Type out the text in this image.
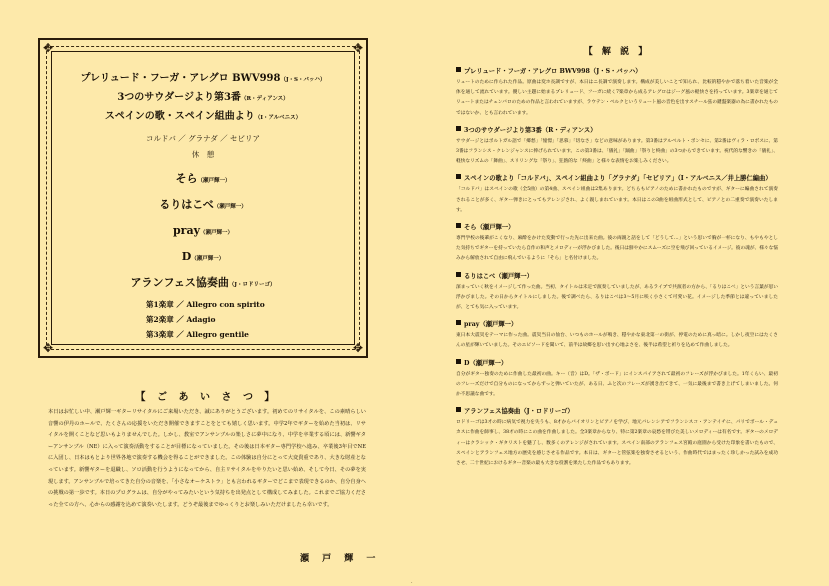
✥	✥
✥	✥
プレリュード・フーガ・アレグロ BWV998（J・S・バッハ）
3つのサウダージより第3番（R・ディアンス）
スペインの歌・スペイン組曲より（I・アルベニス）
コルドバ ／ グラナダ ／ セビリア
休　憩
そら（瀬戸輝一）
るりはこべ（瀬戸輝一）
pray（瀬戸輝一）
D（瀬戸輝一）
アランフェス協奏曲（J・ロドリーゴ）
第1楽章 ／ Allegro con spirito
第2楽章 ／ Adagio
第3楽章 ／ Allegro gentile
【 ご あ い さ つ 】
本日はお忙しい中、瀬戸輝一ギターリサイタルにご来場いただき、誠にありがとうございます。初めてのリサイタルを、この素晴らしい音響の伊丹のホールで、たくさんの応援をいただき開催できますことをとても嬉しく思います。中学2年でギターを始めた当初は、リサイタルを開くことなど思いもよりませんでした。しかし、教室でアンサンブルの楽しさに夢中になり、中学を卒業する頃には、新響ギターアンサンブル（NE）に入って演奏活動をすることが目標になっていました。その後は日本ギター専門学校へ進み、卒業後3年目でNEに入団し、日本はもとより世界各地で演奏する機会を得ることができました。この体験は自分にとって大変貴重であり、大きな財産となっています。新響ギターを退職し、ソロ活動を行うようになってから、自主リサイタルをやりたいと思い始め、そして今日、その夢を実現します。アンサンブルで培ってきた自分の音楽を、「小さなオーケストラ」とも言われるギターでどこまで表現できるのか、自分自身への挑戦の第一歩です。本日のプログラムは、自分がやってみたいという気持ちを出発点として構成してみました。これまでご協力くださった全ての方へ、心からの感謝を込めて演奏いたします。どうぞ最後までゆっくりとお楽しみいただけましたら幸いです。
瀬 戸 輝 一
【 解 説 】
プレリュード・フーガ・アレグロ BWV998（J・S・バッハ）
リュートのために作られた作品。原曲は変ホ長調ですが、本日はニ長調で演奏します。構成が美しいことで知られ、比較的穏やかで落ち着いた音楽が全体を通して流れています。優しい主題に始まるプレリュード、フーガに続く7楽章から成るアレグロはジーグ風の軽快さを持っています。3楽章を通じてリュートまたはチェンバロのための作品と言われていますが、ラウテン・ベルクというリュート風の音色を出すスチール弦の鍵盤楽器の為に書かれたものではないか、とも言われています。
3つのサウダージより第3番（R・ディアンス）
サウダージとはポルトガル語で「郷愁」「憧憬」「思慕」「切なさ」などの意味があります。第3番はアルベルト・ポンセに、第2番はヴィラ・ロボスに、第3番はフランシス・クレンジャンスに捧げられています。この第3番は、「儀礼」「踊曲」「祭りと終曲」の3つからできています。祝代的な響きの「儀礼」、軽快なリズムの「舞曲」、スリリングな「祭り」、狂熱的な「終曲」と様々な表情をお楽しみください。
スペインの歌より「コルドバ」、スペイン組曲より「グラナダ」「セビリア」（I・アルベニス／井上勝仁編曲）
「コルドバ」はスペインの歌（全5曲）の第4曲、スペイン組曲は2集あります。どちらもピアノのために書かれたものですが、ギターに編曲されて演奏されることが多く、ギター弾きにとってもアレンジされ、よく親しまれています。本日はこの3曲を組曲形式として、ピアノとの二重奏で演奏いたします。
そら（瀬戸輝一）
専門学校の後輩がこくなり、麻酔をかけた変動で行った先に出来た曲。彼の両親と話をして「どうして…」という思いで胸が一杯になり、もやもやとした気持ちでギターを持っていたら自作の和声とメロディーが浮かびました。後日は鮮やかにスムーズに空を飛び回っているイメージ。彼の魂が、様々な悩みから解放されて自由に飛んでいるように「そら」と名付けました。
るりはこべ（瀬戸輝一）
深まっていく秋をイメージして作った曲。当初、タイトルは未定で演奏していましたが、あるライブで共演者の方から、「るりはこべ」という言葉が思い浮かびました。その日からタイトルにしました。後で調べたら、るりはこべは3〜5月に咲く小さくて可愛い花。イメージした季節とは違っていましたが、とても気に入っています。
pray（瀬戸輝一）
東日本大震災をテーマに作った曲。震災当日の仙台、いつものホールが鳴き、穏やかな東北第一の街が、停電のために真っ暗に。しかし夜空にはたくさんの星が輝いていました。そのエピソードを聞いて、前半は故郷を思い出す心地よさを、後半は希望と祈りを込めて作曲しました。
D（瀬戸輝一）
自分がギター独奏のために作曲した最初の曲。キー（音）はD。「ザ・ボード」にインスパイアされて最初のフレーズが浮かびました。1年くらい、最初のフレーズだけで自分ものになってからずっと弾いていたが、ある日、ふと次のフレーズが湧き出てきて、一気に最後まで書き上げてしまいました。何か不思議な曲です。
アランフェス協奏曲（J・ロドリーゴ）
ロドリーゴは3才の時に病気で視力を失うも、8才からバイオリンとピアノを学び、地元バレンシアでフランシスコ・アンテイチに、パリでポール・デュカスに作曲を師事し、38才の時にこの曲を作曲しました。全3楽章からなり、特に第2楽章の哀愁を帯びた美しいメロディーは有名です。ギターのメロディーはクラシック・ギタリストを魅了し、数多くのアレンジがされています。スペイン南部のアランフェス宮殿の庭園から受けた印象を書いたもので、スペインとアランフェス地方の歴史を感じさせる作品です。本日は、ギターと管弦楽を独奏させるという、作曲時代ではまったく珍しかった試みを成功させ、二十世紀におけるギター音楽の最も大きな役割を果たした作品でもあります。
·
